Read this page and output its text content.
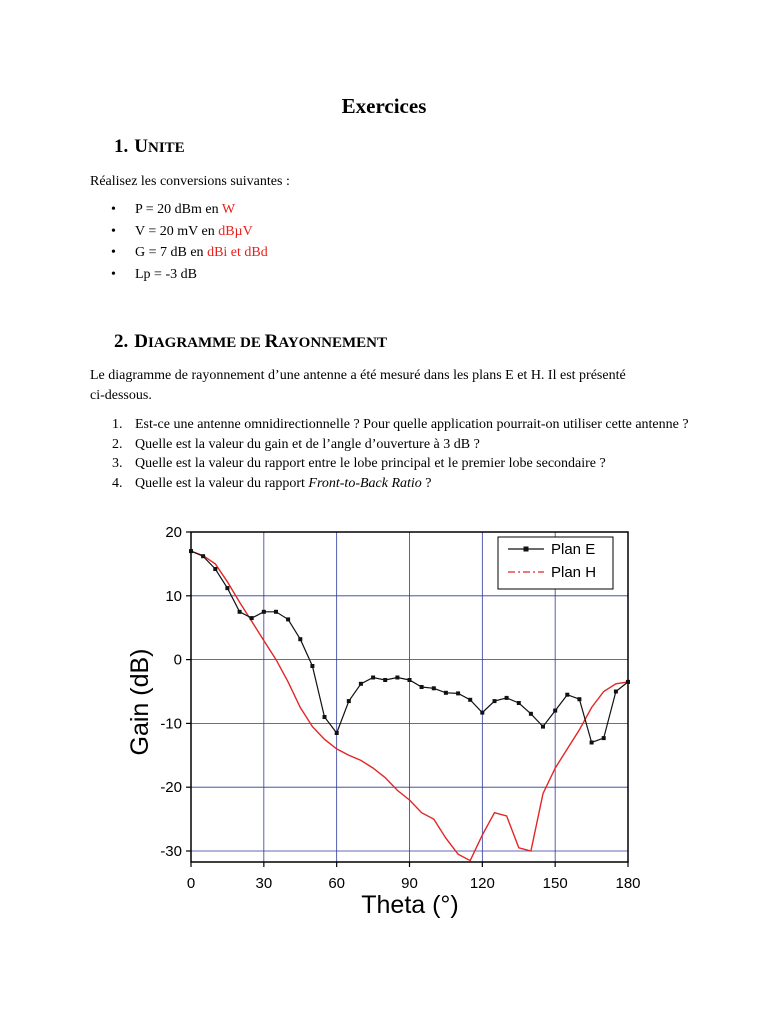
Exercices
1. UNITE
Réalisez les conversions suivantes :
• P = 20 dBm en W
• V = 20 mV en dBµV
• G = 7 dB en dBi et dBd
• Lp = -3 dB
2. DIAGRAMME DE RAYONNEMENT
Le diagramme de rayonnement d’une antenne a été mesuré dans les plans E et H. Il est présenté
ci-dessous.
1. Est-ce une antenne omnidirectionnelle ? Pour quelle application pourrait-on utiliser cette antenne ?
2. Quelle est la valeur du gain et de l’angle d’ouverture à 3 dB ?
3. Quelle est la valeur du rapport entre le lobe principal et le premier lobe secondaire ?
4. Quelle est la valeur du rapport Front-to-Back Ratio ?
0	30	60	90	120	150	180
20
10
0
-10
-20
-30
Theta (°)
Gain (dB)
Plan E
Plan H
